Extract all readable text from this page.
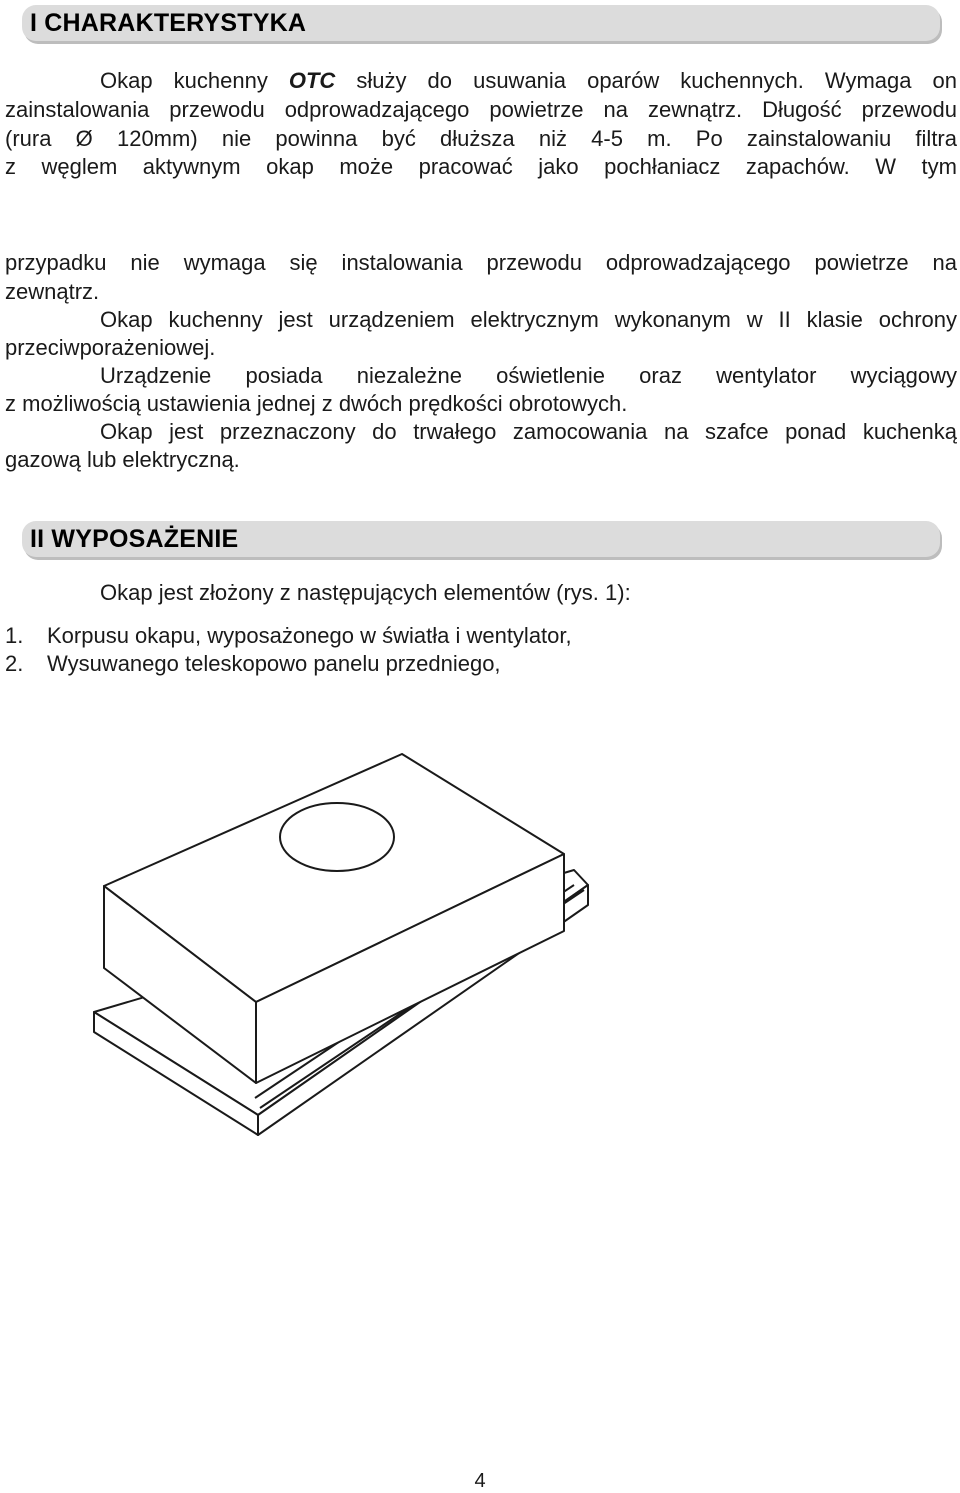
I CHARAKTERYSTYKA
Okap kuchenny OTC służy do usuwania oparów kuchennych. Wymaga on
zainstalowania przewodu odprowadzającego powietrze na zewnątrz. Długość przewodu
(rura Ø 120mm) nie powinna być dłuższa niż 4-5 m. Po zainstalowaniu filtra
z węglem aktywnym okap może pracować jako pochłaniacz zapachów. W tym
przypadku nie wymaga się instalowania przewodu odprowadzającego powietrze na
zewnątrz.
Okap kuchenny jest urządzeniem elektrycznym wykonanym w II klasie ochrony
przeciwporażeniowej.
Urządzenie posiada niezależne oświetlenie oraz wentylator wyciągowy
z możliwością ustawienia jednej z dwóch prędkości obrotowych.
Okap jest przeznaczony do trwałego zamocowania na szafce ponad kuchenką
gazową lub elektryczną.
II WYPOSAŻENIE
Okap jest złożony z następujących elementów (rys. 1):
1. Korpusu okapu, wyposażonego w światła i wentylator,
2. Wysuwanego teleskopowo panelu przedniego,
4
